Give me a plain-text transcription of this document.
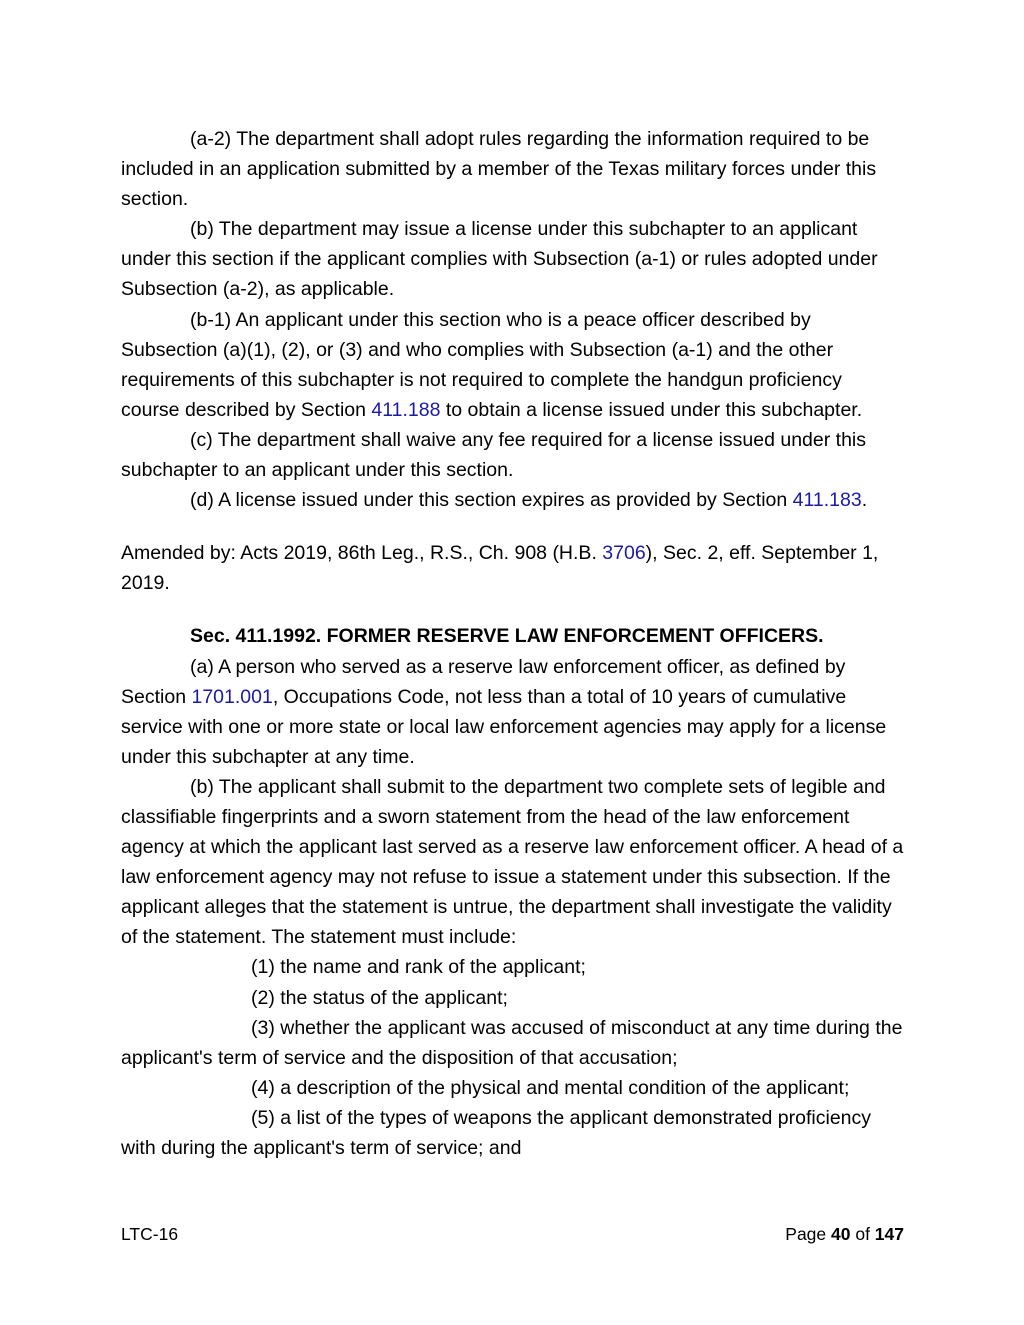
(a-2) The department shall adopt rules regarding the information required to be included in an application submitted by a member of the Texas military forces under this section.

(b) The department may issue a license under this subchapter to an applicant under this section if the applicant complies with Subsection (a-1) or rules adopted under Subsection (a-2), as applicable.

(b-1) An applicant under this section who is a peace officer described by Subsection (a)(1), (2), or (3) and who complies with Subsection (a-1) and the other requirements of this subchapter is not required to complete the handgun proficiency course described by Section 411.188 to obtain a license issued under this subchapter.

(c) The department shall waive any fee required for a license issued under this subchapter to an applicant under this section.

(d) A license issued under this section expires as provided by Section 411.183.

Amended by: Acts 2019, 86th Leg., R.S., Ch. 908 (H.B. 3706), Sec. 2, eff. September 1, 2019.

Sec. 411.1992. FORMER RESERVE LAW ENFORCEMENT OFFICERS.

(a) A person who served as a reserve law enforcement officer, as defined by Section 1701.001, Occupations Code, not less than a total of 10 years of cumulative service with one or more state or local law enforcement agencies may apply for a license under this subchapter at any time.

(b) The applicant shall submit to the department two complete sets of legible and classifiable fingerprints and a sworn statement from the head of the law enforcement agency at which the applicant last served as a reserve law enforcement officer. A head of a law enforcement agency may not refuse to issue a statement under this subsection. If the applicant alleges that the statement is untrue, the department shall investigate the validity of the statement. The statement must include:

(1) the name and rank of the applicant;

(2) the status of the applicant;

(3) whether the applicant was accused of misconduct at any time during the applicant's term of service and the disposition of that accusation;

(4) a description of the physical and mental condition of the applicant;

(5) a list of the types of weapons the applicant demonstrated proficiency with during the applicant's term of service; and

LTC-16	Page 40 of 147
